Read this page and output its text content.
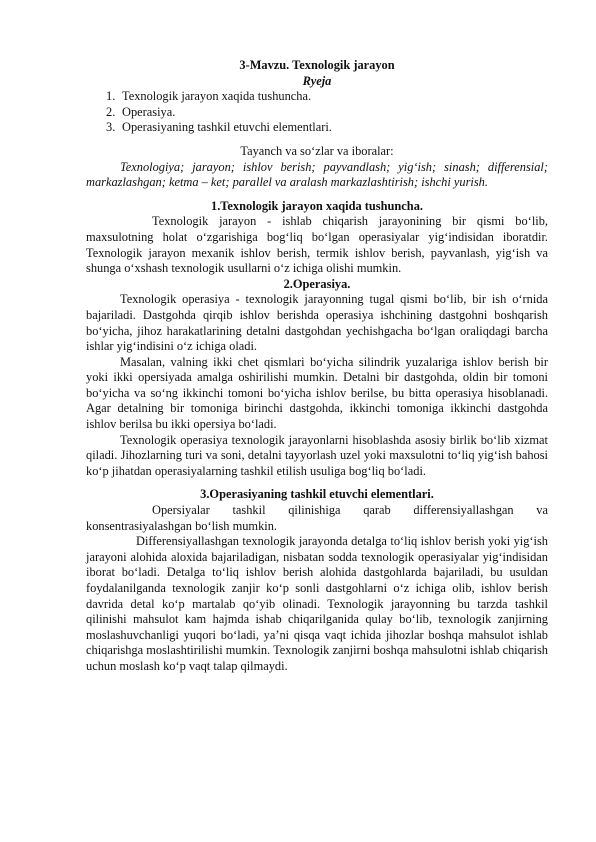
3-Mavzu. Texnologik jarayon
Ryeja
1. Texnologik jarayon xaqida tushuncha.
2. Operasiya.
3. Operasiyaning tashkil etuvchi elementlari.
Tayanch va so‘zlar va iboralar:

Texnologiya; jarayon; ishlov berish; payvandlash; yig‘ish; sinash; differensial; markazlashgan; ketma – ket; parallel va aralash markazlashtirish; ishchi yurish.

1.Texnologik jarayon xaqida tushuncha.

Texnologik jarayon - ishlab chiqarish jarayonining bir qismi bo‘lib, maxsulotning holat o‘zgarishiga bog‘liq bo‘lgan operasiyalar yig‘indisidan iboratdir. Texnologik jarayon mexanik ishlov berish, termik ishlov berish, payvanlash, yig‘ish va shunga o‘xshash texnologik usullarni o‘z ichiga olishi mumkin.

2.Operasiya.

Texnologik operasiya - texnologik jarayonning tugal qismi bo‘lib, bir ish o‘rnida bajariladi. Dastgohda qirqib ishlov berishda operasiya ishchining dastgohni boshqarish bo‘yicha, jihoz harakatlarining detalni dastgohdan yechishgacha bo‘lgan oraliqdagi barcha ishlar yig‘indisini o‘z ichiga oladi.

Masalan, valning ikki chet qismlari bo‘yicha silindrik yuzalariga ishlov berish bir yoki ikki opersiyada amalga oshirilishi mumkin. Detalni bir dastgohda, oldin bir tomoni bo‘yicha va so‘ng ikkinchi tomoni bo‘yicha ishlov berilse, bu bitta operasiya hisoblanadi. Agar detalning bir tomoniga birinchi dastgohda, ikkinchi tomoniga ikkinchi dastgohda ishlov berilsa bu ikki opersiya bo‘ladi.

Texnologik operasiya texnologik jarayonlarni hisoblashda asosiy birlik bo‘lib xizmat qiladi. Jihozlarning turi va soni, detalni tayyorlash uzel yoki maxsulotni to‘liq yig‘ish bahosi ko‘p jihatdan operasiyalarning tashkil etilish usuliga bog‘liq bo‘ladi.

3.Operasiyaning tashkil etuvchi elementlari.

Opersiyalar tashkil qilinishiga qarab differensiyallashgan va konsentrasiyalashgan bo‘lish mumkin.

Differensiyallashgan texnologik jarayonda detalga to‘liq ishlov berish yoki yig‘ish jarayoni alohida aloxida bajariladigan, nisbatan sodda texnologik operasiyalar yig‘indisidan iborat bo‘ladi. Detalga to‘liq ishlov berish alohida dastgohlarda bajariladi, bu usuldan foydalanilganda texnologik zanjir ko‘p sonli dastgohlarni o‘z ichiga olib, ishlov berish davrida detal ko‘p martalab qo‘yib olinadi. Texnologik jarayonning bu tarzda tashkil qilinishi mahsulot kam hajmda ishab chiqarilganida qulay bo‘lib, texnologik zanjirning moslashuvchanligi yuqori bo‘ladi, ya’ni qisqa vaqt ichida jihozlar boshqa mahsulot ishlab chiqarishga moslashtirilishi mumkin. Texnologik zanjirni boshqa mahsulotni ishlab chiqarish uchun moslash ko‘p vaqt talap qilmaydi.
